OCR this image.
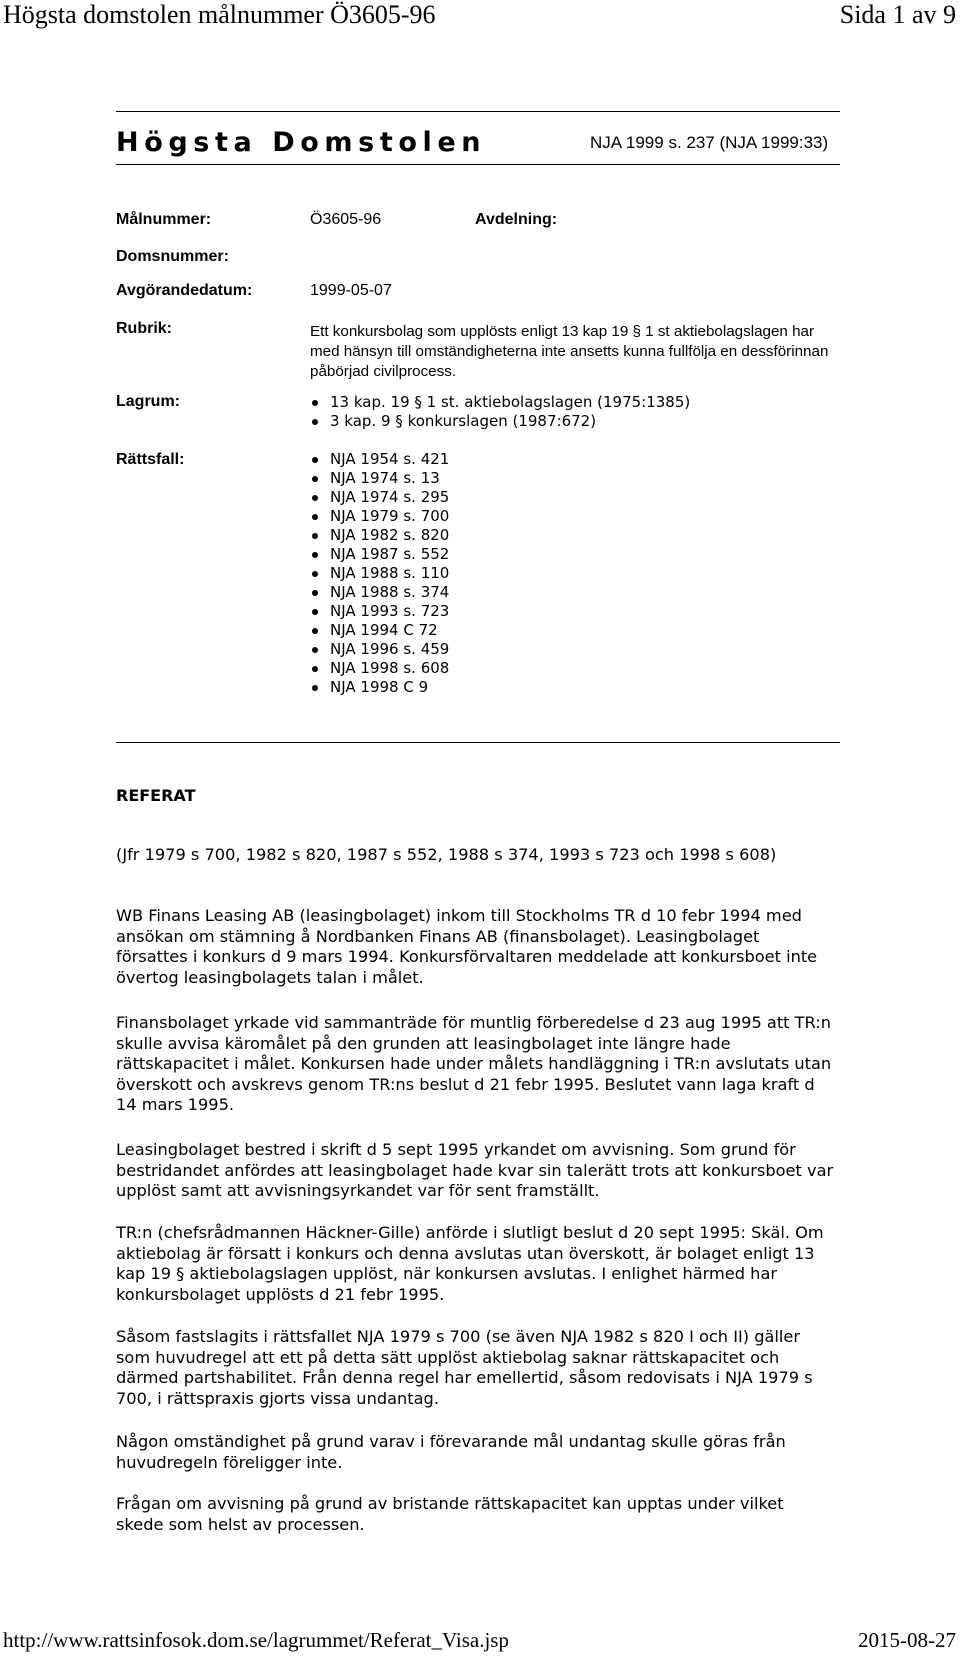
Högsta domstolen målnummer Ö3605-96	Sida 1 av 9
Högsta Domstolen	NJA 1999 s. 237 (NJA 1999:33)
Målnummer:	Ö3605-96	Avdelning:
Domsnummer:
Avgörandedatum:	1999-05-07
Rubrik:	Ett konkursbolag som upplösts enligt 13 kap 19 § 1 st aktiebolagslagen har med hänsyn till omständigheterna inte ansetts kunna fullfölja en dessförinnan påbörjad civilprocess.
Lagrum:	13 kap. 19 § 1 st. aktiebolagslagen (1975:1385)
3 kap. 9 § konkurslagen (1987:672)
Rättsfall:	NJA 1954 s. 421
NJA 1974 s. 13
NJA 1974 s. 295
NJA 1979 s. 700
NJA 1982 s. 820
NJA 1987 s. 552
NJA 1988 s. 110
NJA 1988 s. 374
NJA 1993 s. 723
NJA 1994 C 72
NJA 1996 s. 459
NJA 1998 s. 608
NJA 1998 C 9
REFERAT
(Jfr 1979 s 700, 1982 s 820, 1987 s 552, 1988 s 374, 1993 s 723 och 1998 s 608)
WB Finans Leasing AB (leasingbolaget) inkom till Stockholms TR d 10 febr 1994 med ansökan om stämning å Nordbanken Finans AB (finansbolaget). Leasingbolaget försattes i konkurs d 9 mars 1994. Konkursförvaltaren meddelade att konkursboet inte övertog leasingbolagets talan i målet.
Finansbolaget yrkade vid sammanträde för muntlig förberedelse d 23 aug 1995 att TR:n skulle avvisa käromålet på den grunden att leasingbolaget inte längre hade rättskapacitet i målet. Konkursen hade under målets handläggning i TR:n avslutats utan överskott och avskrevs genom TR:ns beslut d 21 febr 1995. Beslutet vann laga kraft d 14 mars 1995.
Leasingbolaget bestred i skrift d 5 sept 1995 yrkandet om avvisning. Som grund för bestridandet anfördes att leasingbolaget hade kvar sin talerätt trots att konkursboet var upplöst samt att avvisningsyrkandet var för sent framställt.
TR:n (chefsrådmannen Häckner-Gille) anförde i slutligt beslut d 20 sept 1995: Skäl. Om aktiebolag är försatt i konkurs och denna avslutas utan överskott, är bolaget enligt 13 kap 19 § aktiebolagslagen upplöst, när konkursen avslutas. I enlighet härmed har konkursbolaget upplösts d 21 febr 1995.
Såsom fastslagits i rättsfallet NJA 1979 s 700 (se även NJA 1982 s 820 I och II) gäller som huvudregel att ett på detta sätt upplöst aktiebolag saknar rättskapacitet och därmed partshabilitet. Från denna regel har emellertid, såsom redovisats i NJA 1979 s 700, i rättspraxis gjorts vissa undantag.
Någon omständighet på grund varav i förevarande mål undantag skulle göras från huvudregeln föreligger inte.
Frågan om avvisning på grund av bristande rättskapacitet kan upptas under vilket skede som helst av processen.
http://www.rattsinfosok.dom.se/lagrummet/Referat_Visa.jsp	2015-08-27
